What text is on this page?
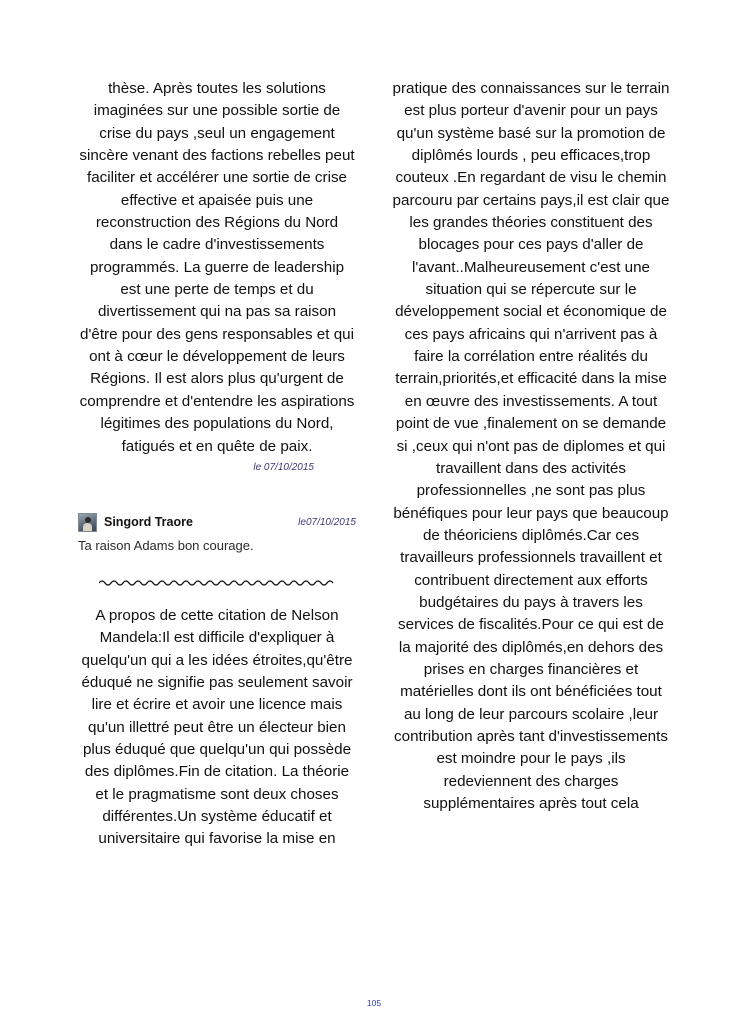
thèse. Après toutes les solutions imaginées sur une possible sortie de crise du pays ,seul un engagement sincère venant des factions rebelles peut faciliter et accélérer une sortie de crise effective et apaisée puis une reconstruction des Régions du Nord dans le cadre d'investissements programmés. La guerre de leadership est une perte de temps et du divertissement qui na pas sa raison d'être pour des gens responsables et qui ont à cœur le développement de leurs Régions. Il est alors plus qu'urgent de comprendre et d'entendre les aspirations légitimes des populations du Nord, fatigués et en quête de paix.

le 07/10/2015
Singord Traore	le07/10/2015
Ta raison Adams bon courage.

A propos de cette citation de Nelson Mandela:Il est difficile d'expliquer à quelqu'un qui a les idées étroites,qu'être éduqué ne signifie pas seulement savoir lire et écrire et avoir une licence mais qu'un illettré peut être un électeur bien plus éduqué que quelqu'un qui possède des diplômes.Fin de citation. La théorie et le pragmatisme sont deux choses différentes.Un système éducatif et universitaire qui favorise la mise en

pratique des connaissances sur le terrain est plus porteur d'avenir pour un pays qu'un système basé sur la promotion de diplômés lourds , peu efficaces,trop couteux .En regardant de visu le chemin parcouru par certains pays,il est clair que les grandes théories constituent des blocages pour ces pays d'aller de l'avant..Malheureusement c'est une situation qui se répercute sur le développement social et économique de ces pays africains qui n'arrivent pas à faire la corrélation entre réalités du terrain,priorités,et efficacité dans la mise en œuvre des investissements. A tout point de vue ,finalement on se demande si ,ceux qui n'ont pas de diplomes et qui travaillent dans des activités professionnelles ,ne sont pas plus bénéfiques pour leur pays que beaucoup de théoriciens diplômés.Car ces travailleurs professionnels travaillent et contribuent directement aux efforts budgétaires du pays à travers les services de fiscalités.Pour ce qui est de la majorité des diplômés,en dehors des prises en charges financières et matérielles dont ils ont bénéficiées tout au long de leur parcours scolaire ,leur contribution après tant d'investissements est moindre pour le pays ,ils redeviennent des charges supplémentaires après tout cela

105
